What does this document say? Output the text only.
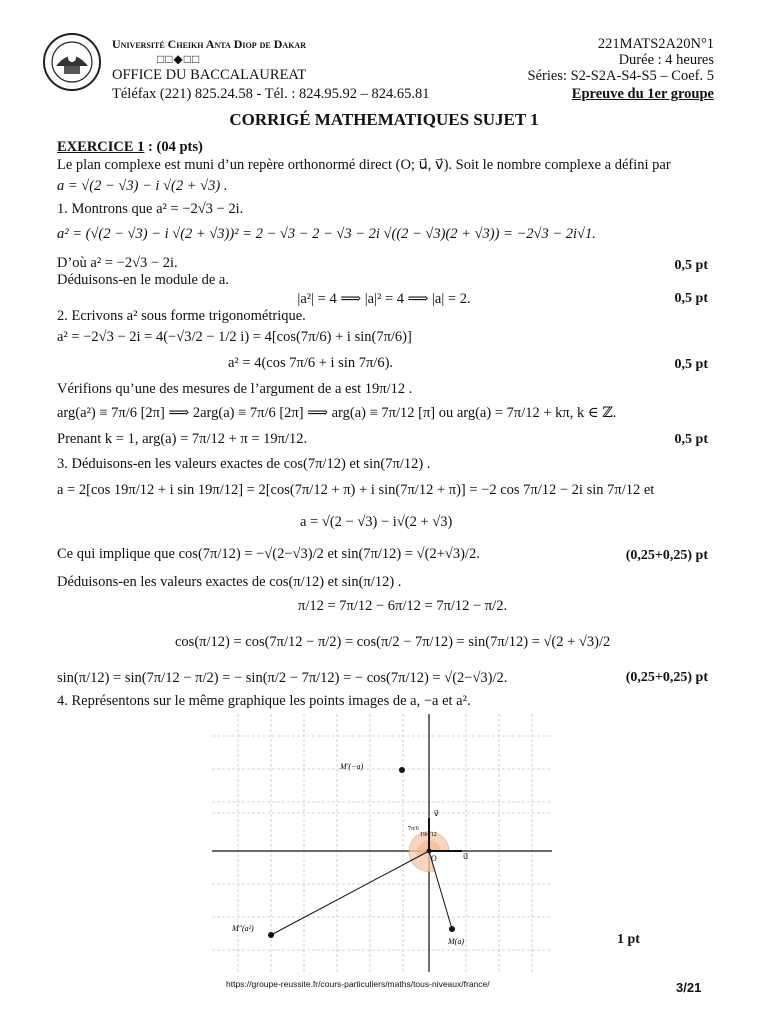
Université Cheikh Anta Diop de Dakar
□□◆□□
OFFICE DU BACCALAUREAT
Téléfax (221) 825.24.58 - Tél. : 824.95.92 – 824.65.81
221MATS2A20N°1
Durée : 4 heures
Séries: S2-S2A-S4-S5 – Coef. 5
Epreuve du 1er groupe
CORRIGÉ MATHEMATIQUES SUJET 1
EXERCICE 1 : (04 pts)
Le plan complexe est muni d’un repère orthonormé direct (O; u⃗, v⃗). Soit le nombre complexe a défini par
a = √(2 − √3) − i √(2 + √3) .
1. Montrons que a² = −2√3 − 2i.
a² = (√(2 − √3) − i √(2 + √3))² = 2 − √3 − 2 − √3 − 2i √((2 − √3)(2 + √3)) = −2√3 − 2i√1.
D’où a² = −2√3 − 2i.	0,5 pt
Déduisons-en le module de a.
|a²| = 4 ⟹ |a|² = 4 ⟹ |a| = 2.	0,5 pt
2. Ecrivons a² sous forme trigonométrique.
a² = −2√3 − 2i = 4(−√3/2 − 1/2 i) = 4[cos(7π/6) + i sin(7π/6)]
a² = 4(cos 7π/6 + i sin 7π/6).	0,5 pt
Vérifions qu’une des mesures de l’argument de a est 19π/12 .
arg(a²) ≡ 7π/6 [2π] ⟹ 2arg(a) ≡ 7π/6 [2π] ⟹ arg(a) ≡ 7π/12 [π] ou arg(a) = 7π/12 + kπ, k ∈ ℤ.
Prenant k = 1, arg(a) = 7π/12 + π = 19π/12.	0,5 pt
3. Déduisons-en les valeurs exactes de cos(7π/12) et sin(7π/12) .
a = 2[cos 19π/12 + i sin 19π/12] = 2[cos(7π/12 + π) + i sin(7π/12 + π)] = −2 cos 7π/12 − 2i sin 7π/12 et
a = √(2 − √3) − i√(2 + √3)
Ce qui implique que cos(7π/12) = −√(2−√3)/2 et sin(7π/12) = √(2+√3)/2.	(0,25+0,25) pt
Déduisons-en les valeurs exactes de cos(π/12) et sin(π/12) .
π/12 = 7π/12 − 6π/12 = 7π/12 − π/2.
cos(π/12) = cos(7π/12 − π/2) = cos(π/2 − 7π/12) = sin(7π/12) = √(2 + √3)/2
sin(π/12) = sin(7π/12 − π/2) = − sin(π/2 − 7π/12) = − cos(7π/12) = √(2−√3)/2.	(0,25+0,25) pt
4. Représentons sur le même graphique les points images de a, −a et a².
M′(−a)
M″(a²)
M(a)
v⃗
u⃗
O
7π/6
19π/12
1 pt
https://groupe-reussite.fr/cours-particuliers/maths/tous-niveaux/france/	3/21
